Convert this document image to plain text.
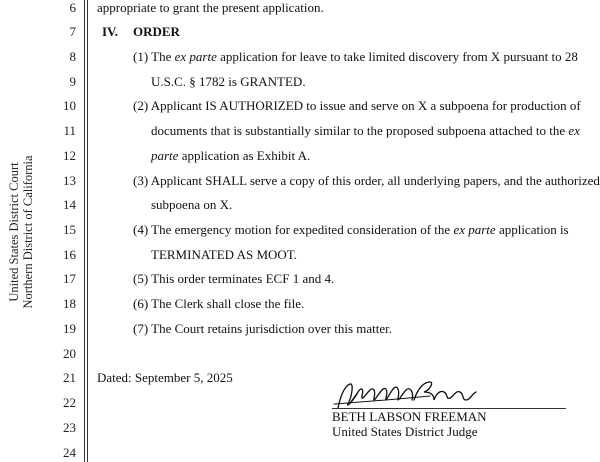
United States District Court Northern District of California
6
7
8
9
10
11
12
13
14
15
16
17
18
19
20
21
22
23
24
appropriate to grant the present application.
IV. ORDER
(1) The ex parte application for leave to take limited discovery from X pursuant to 28
U.S.C. § 1782 is GRANTED.
(2) Applicant IS AUTHORIZED to issue and serve on X a subpoena for production of
documents that is substantially similar to the proposed subpoena attached to the ex
parte application as Exhibit A.
(3) Applicant SHALL serve a copy of this order, all underlying papers, and the authorized
subpoena on X.
(4) The emergency motion for expedited consideration of the ex parte application is
TERMINATED AS MOOT.
(5) This order terminates ECF 1 and 4.
(6) The Clerk shall close the file.
(7) The Court retains jurisdiction over this matter.
Dated: September 5, 2025
BETH LABSON FREEMAN
United States District Judge
